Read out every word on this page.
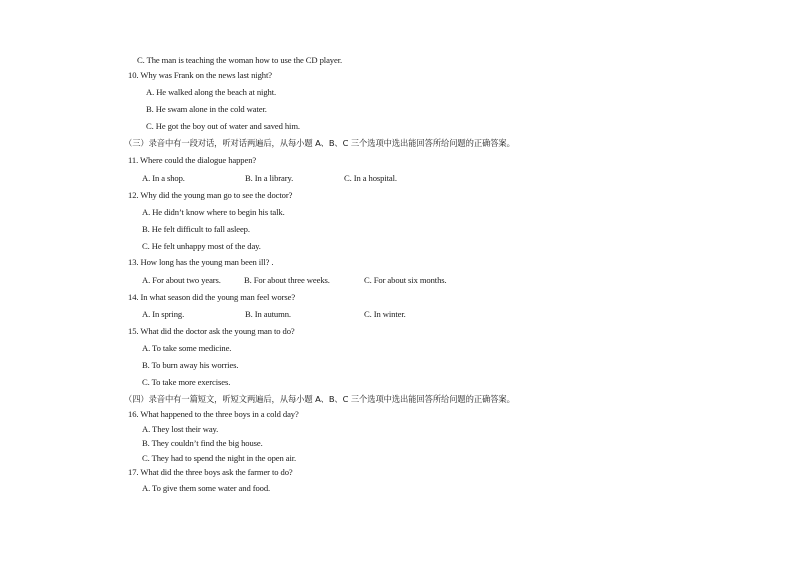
C. The man is teaching the woman how to use the CD player.
10. Why was Frank on the news last night?
A. He walked along the beach at night.
B. He swam alone in the cold water.
C. He got the boy out of water and saved him.
（三）录音中有一段对话，听对话两遍后，从每小题 A、B、C 三个选项中选出能回答所给问题的正确答案。
11. Where could the dialogue happen?
A. In a shop.	B. In a library.	C. In a hospital.
12. Why did the young man go to see the doctor?
A. He didn’t know where to begin his talk.
B. He felt difficult to fall asleep.
C. He felt unhappy most of the day.
13. How long has the young man been ill? .
A. For about two years.	B. For about three weeks.	C. For about six months.
14. In what season did the young man feel worse?
A. In spring.	B. In autumn.	C. In winter.
15. What did the doctor ask the young man to do?
A. To take some medicine.
B. To burn away his worries.
C. To take more exercises.
（四）录音中有一篇短文，听短文两遍后，从每小题 A、B、C 三个选项中选出能回答所给问题的正确答案。
16. What happened to the three boys in a cold day?
A. They lost their way.
B. They couldn’t find the big house.
C. They had to spend the night in the open air.
17. What did the three boys ask the farmer to do?
A. To give them some water and food.
